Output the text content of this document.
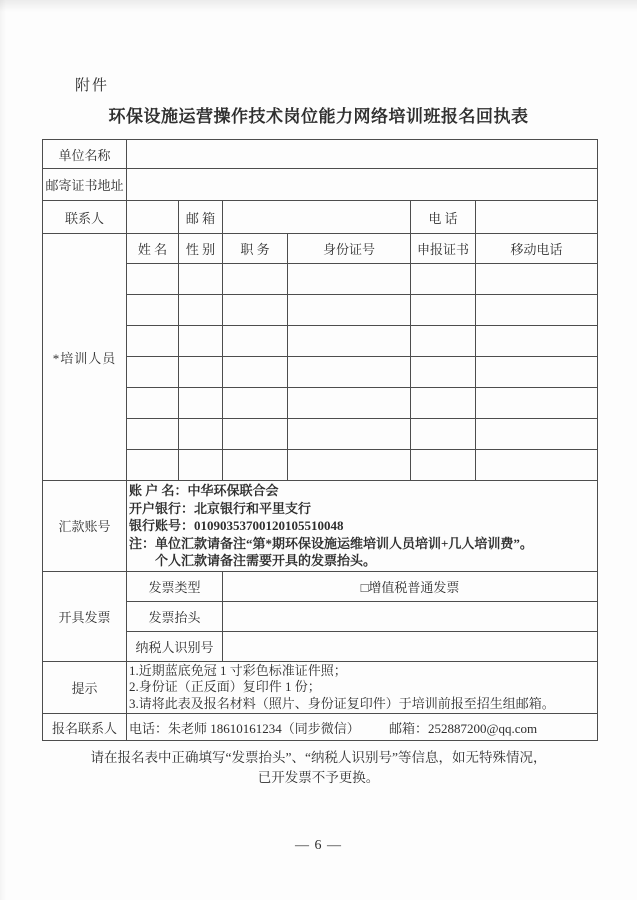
附件
环保设施运营操作技术岗位能力网络培训班报名回执表
单位名称						
邮寄证书地址						
联系人		邮 箱			电 话	
*培训人员	姓 名	性 别	职 务	身份证号	申报证书	移动电话

汇款账号	账 户 名：中华环保联合会
开户银行：北京银行和平里支行
银行账号：01090353700120105510048
注：单位汇款请备注“第*期环保设施运维培训人员培训+几人培训费”。
个人汇款请备注需要开具的发票抬头。					

开具发票	发票类型		□增值税普通发票			
	发票抬头					
	纳税人识别号					
提示	1.近期蓝底免冠 1 寸彩色标准证件照；
2.身份证（正反面）复印件 1 份；
3.请将此表及报名材料（照片、身份证复印件）于培训前报至招生组邮箱。					

报名联系人	电话：朱老师 18610161234（同步微信） 邮箱：252887200@qq.com					
请在报名表中正确填写“发票抬头”、“纳税人识别号”等信息，如无特殊情况，
已开发票不予更换。
— 6 —
